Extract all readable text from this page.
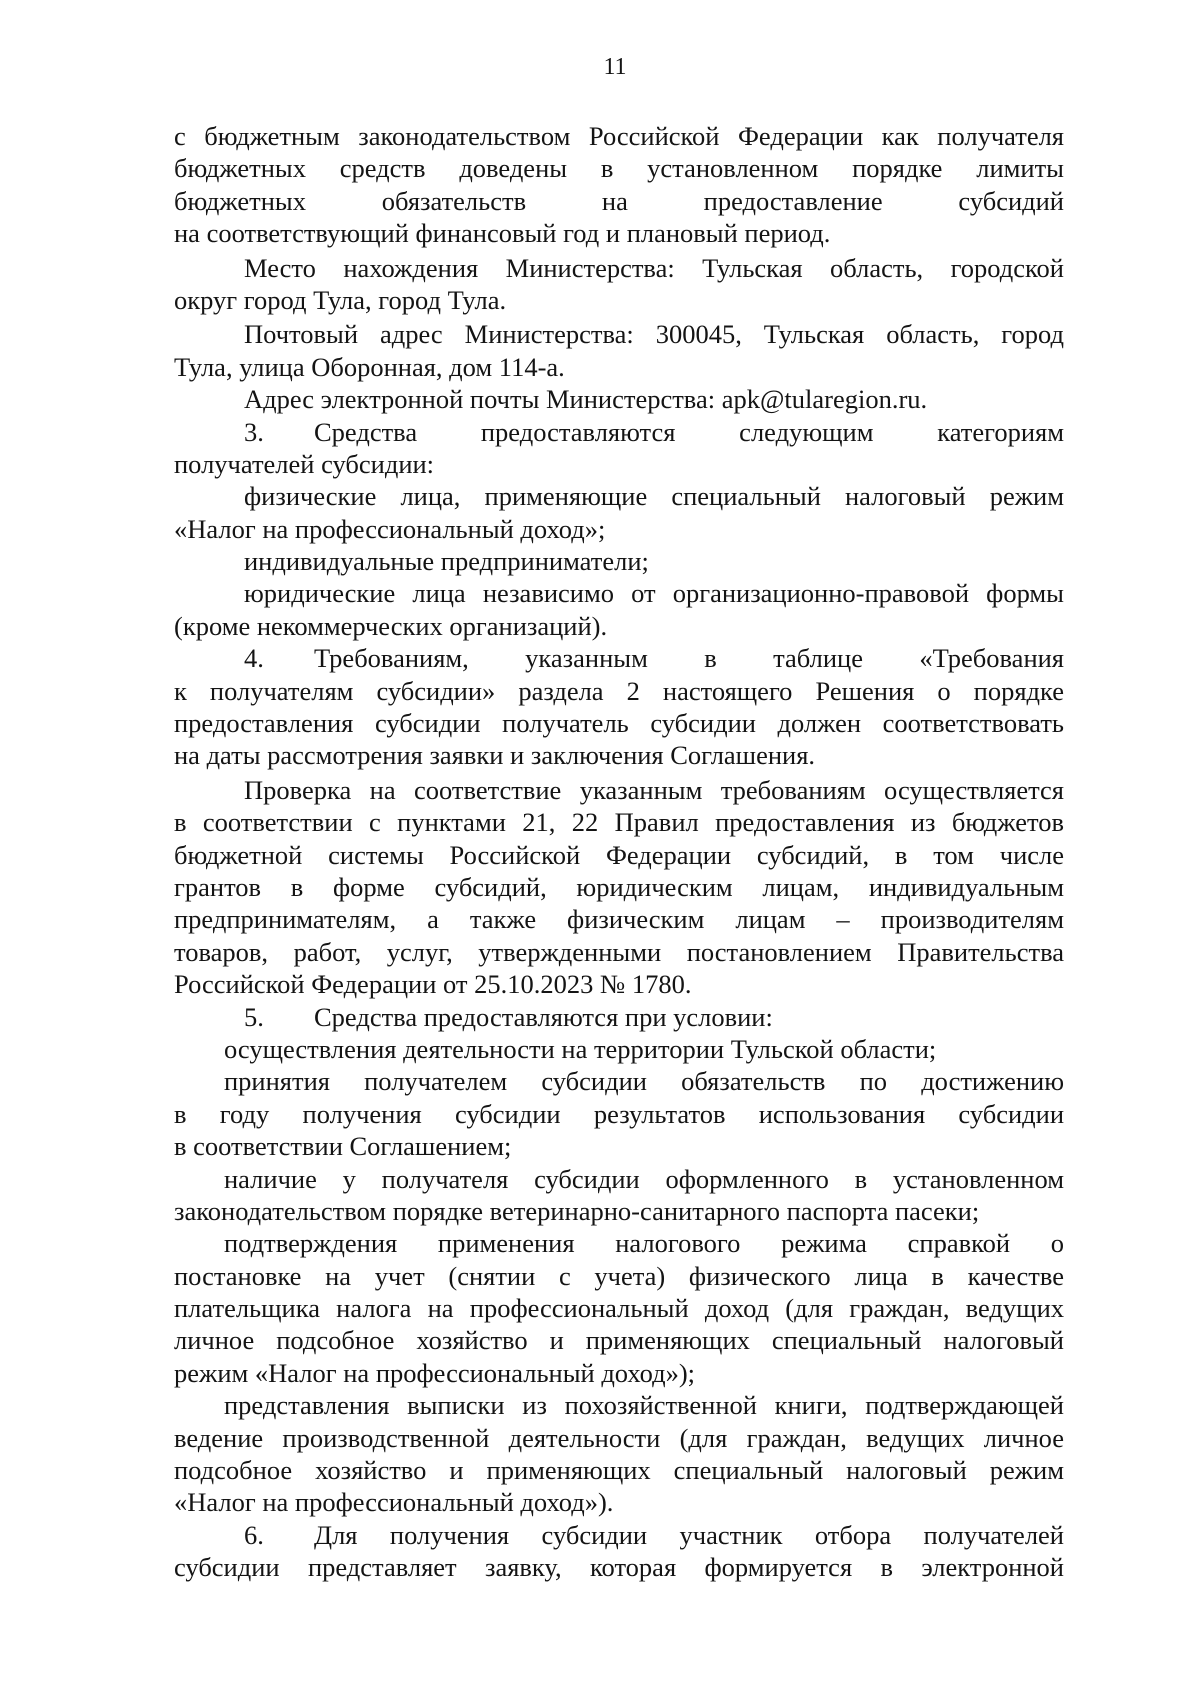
11
с бюджетным законодательством Российской Федерации как получателя
бюджетных средств доведены в установленном порядке лимиты
бюджетных обязательств на предоставление субсидий
на соответствующий финансовый год и плановый период.
Место нахождения Министерства: Тульская область, городской
округ город Тула, город Тула.
Почтовый адрес Министерства: 300045, Тульская область, город
Тула, улица Оборонная, дом 114-а.
Адрес электронной почты Министерства: apk@tularegion.ru.
3.	Средства предоставляются следующим категориям
получателей субсидии:
физические лица, применяющие специальный налоговый режим
«Налог на профессиональный доход»;
индивидуальные предприниматели;
юридические лица независимо от организационно-правовой формы
(кроме некоммерческих организаций).
4.	Требованиям, указанным в таблице «Требования
к получателям субсидии» раздела 2 настоящего Решения о порядке
предоставления субсидии получатель субсидии должен соответствовать
на даты рассмотрения заявки и заключения Соглашения.
Проверка на соответствие указанным требованиям осуществляется
в соответствии с пунктами 21, 22 Правил предоставления из бюджетов
бюджетной системы Российской Федерации субсидий, в том числе
грантов в форме субсидий, юридическим лицам, индивидуальным
предпринимателям, а также физическим лицам – производителям
товаров, работ, услуг, утвержденными постановлением Правительства
Российской Федерации от 25.10.2023 № 1780.
5.	Средства предоставляются при условии:
осуществления деятельности на территории Тульской области;
принятия получателем субсидии обязательств по достижению
в году получения субсидии результатов использования субсидии
в соответствии Соглашением;
наличие у получателя субсидии оформленного в установленном
законодательством порядке ветеринарно-санитарного паспорта пасеки;
подтверждения применения налогового режима справкой о
постановке на учет (снятии с учета) физического лица в качестве
плательщика налога на профессиональный доход (для граждан, ведущих
личное подсобное хозяйство и применяющих специальный налоговый
режим «Налог на профессиональный доход»);
представления выписки из похозяйственной книги, подтверждающей
ведение производственной деятельности (для граждан, ведущих личное
подсобное хозяйство и применяющих специальный налоговый режим
«Налог на профессиональный доход»).
6.	Для получения субсидии участник отбора получателей
субсидии представляет заявку, которая формируется в электронной
